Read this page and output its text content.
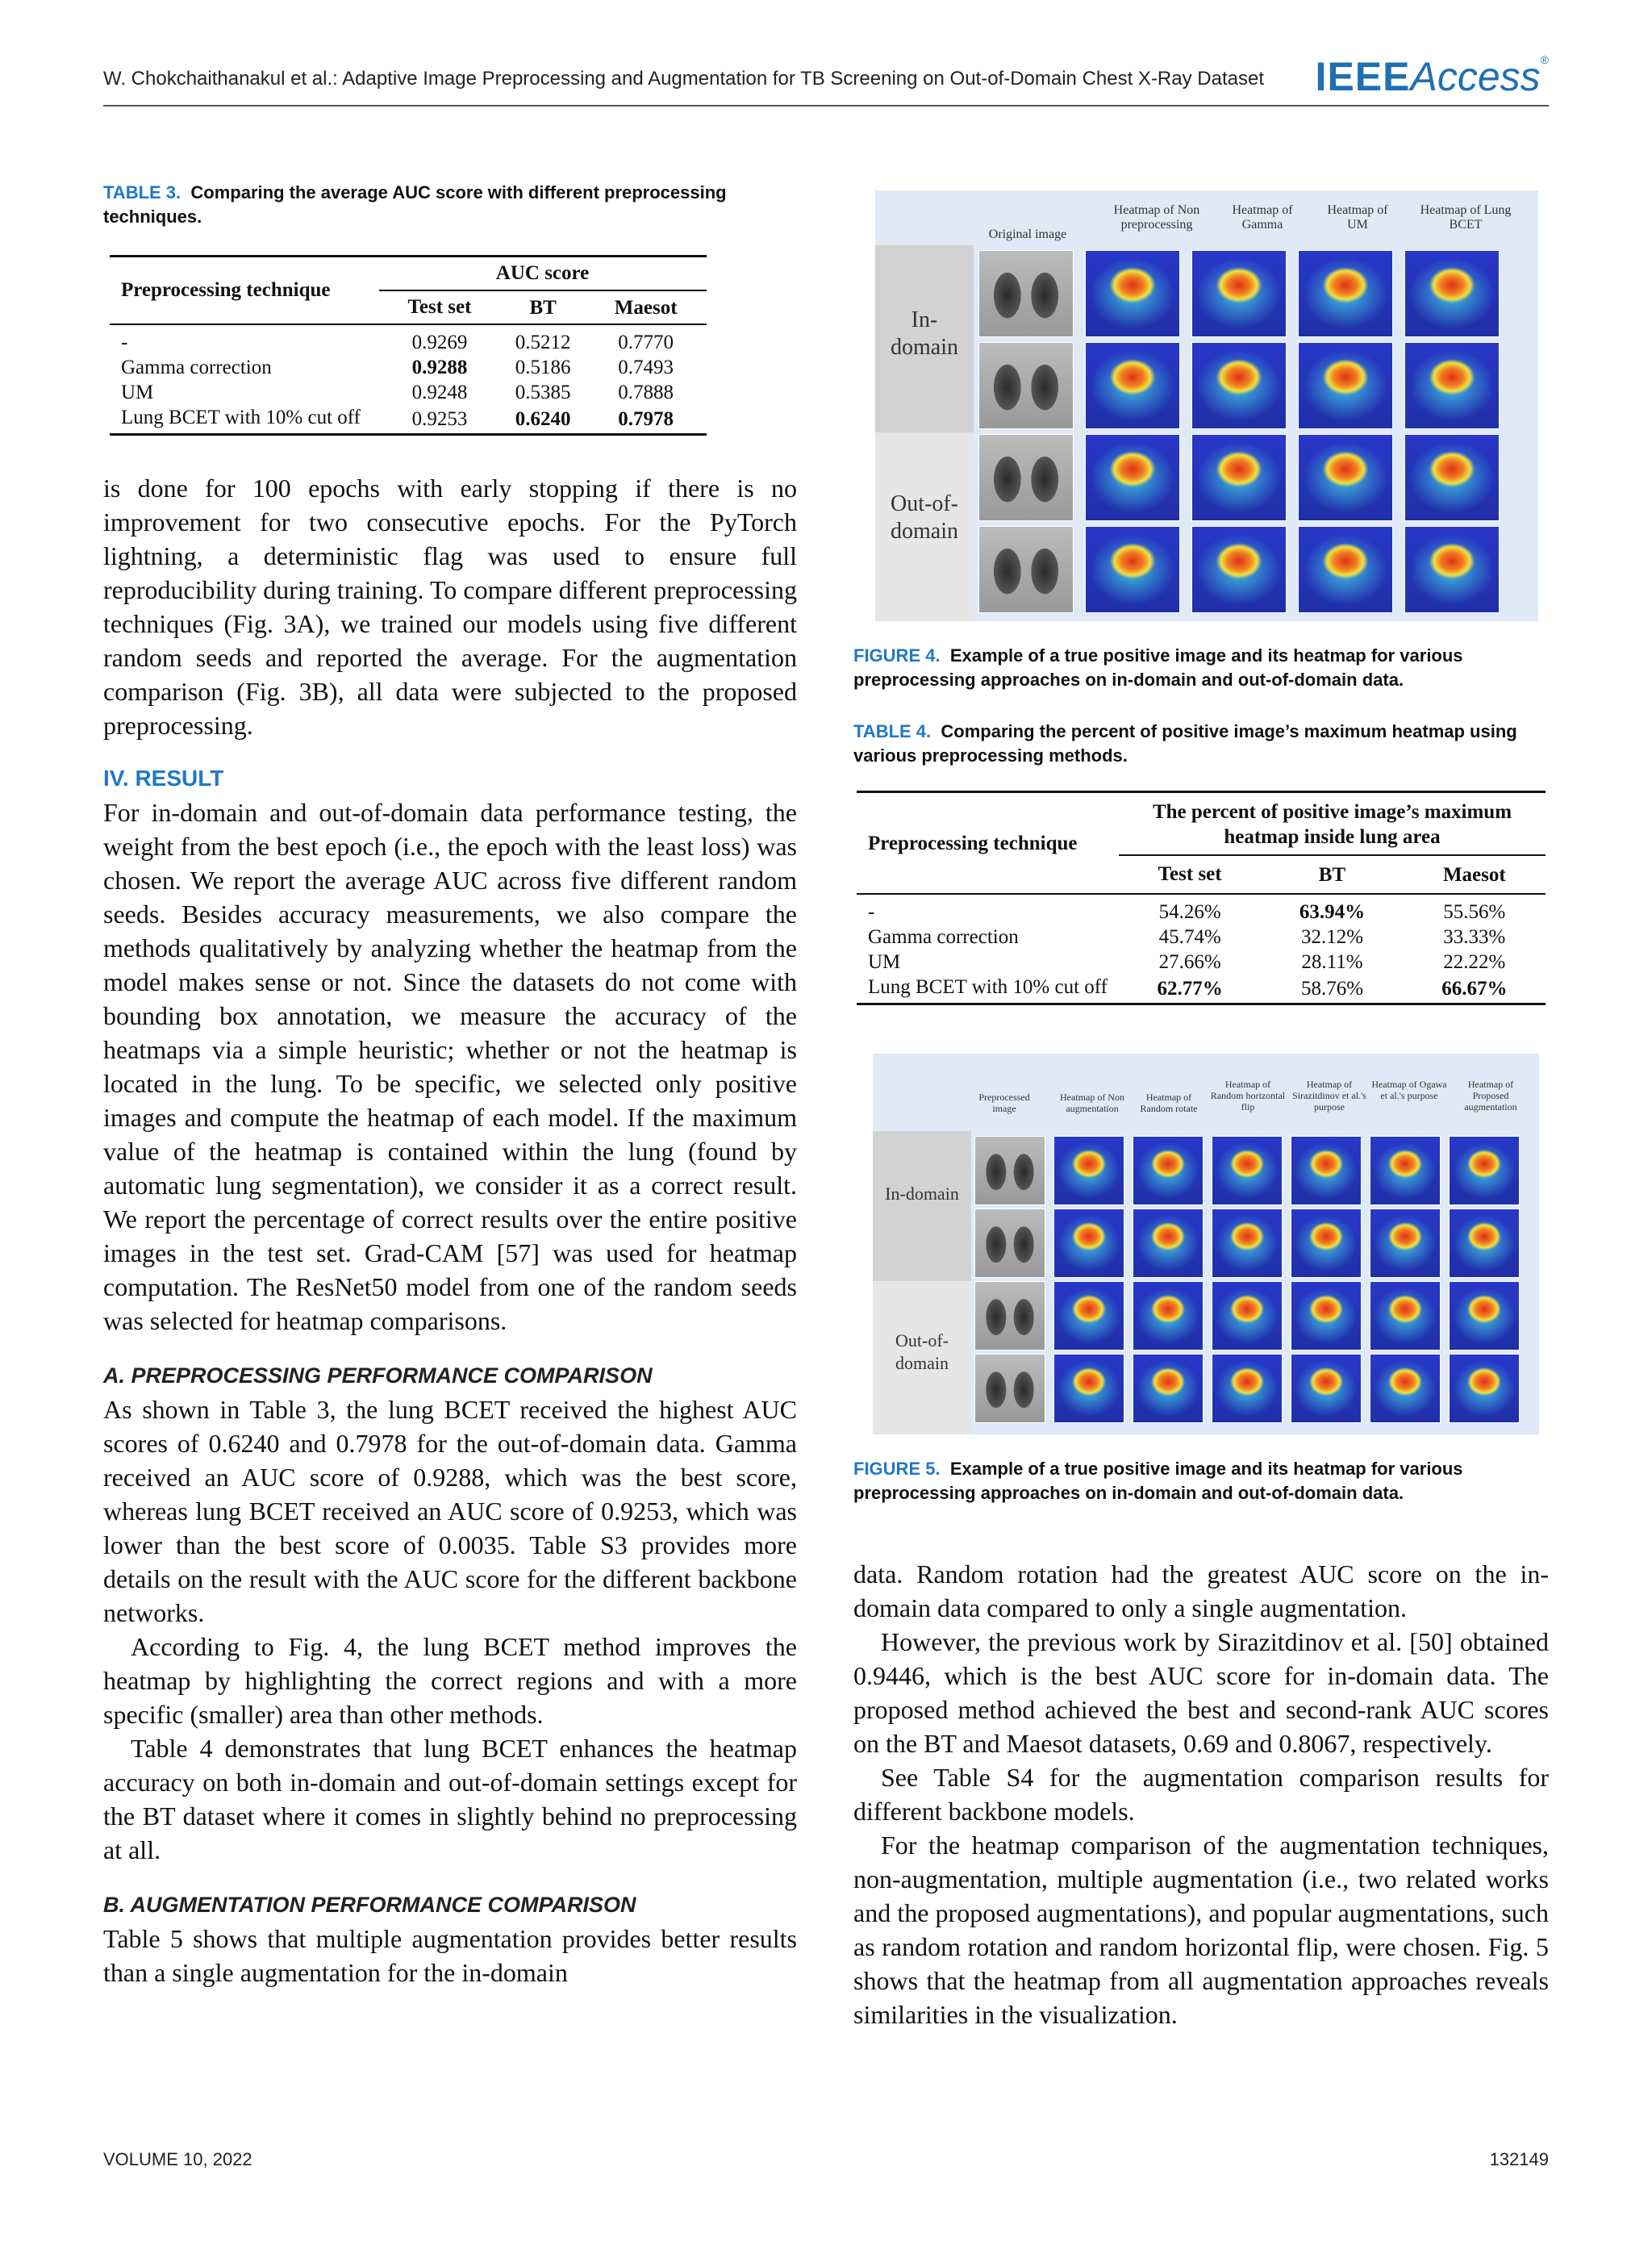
W. Chokchaithanakul et al.: Adaptive Image Preprocessing and Augmentation for TB Screening on Out-of-Domain Chest X-Ray Dataset IEEEAccess®
TABLE 3. Comparing the average AUC score with different preprocessing techniques.
Preprocessing technique	AUC score		
	Test set	BT	Maesot
-	0.9269	0.5212	0.7770
Gamma correction	0.9288	0.5186	0.7493
UM	0.9248	0.5385	0.7888
Lung BCET with 10% cut off	0.9253	0.6240	0.7978

is done for 100 epochs with early stopping if there is no improvement for two consecutive epochs. For the PyTorch lightning, a deterministic flag was used to ensure full reproducibility during training. To compare different preprocessing techniques (Fig. 3A), we trained our models using five different random seeds and reported the average. For the augmentation comparison (Fig. 3B), all data were subjected to the proposed preprocessing.

IV. RESULT

For in-domain and out-of-domain data performance testing, the weight from the best epoch (i.e., the epoch with the least loss) was chosen. We report the average AUC across five different random seeds. Besides accuracy measurements, we also compare the methods qualitatively by analyzing whether the heatmap from the model makes sense or not. Since the datasets do not come with bounding box annotation, we measure the accuracy of the heatmaps via a simple heuristic; whether or not the heatmap is located in the lung. To be specific, we selected only positive images and compute the heatmap of each model. If the maximum value of the heatmap is contained within the lung (found by automatic lung segmentation), we consider it as a correct result. We report the percentage of correct results over the entire positive images in the test set. Grad-CAM [57] was used for heatmap computation. The ResNet50 model from one of the random seeds was selected for heatmap comparisons.

A. PREPROCESSING PERFORMANCE COMPARISON

As shown in Table 3, the lung BCET received the highest AUC scores of 0.6240 and 0.7978 for the out-of-domain data. Gamma received an AUC score of 0.9288, which was the best score, whereas lung BCET received an AUC score of 0.9253, which was lower than the best score of 0.0035. Table S3 provides more details on the result with the AUC score for the different backbone networks.

According to Fig. 4, the lung BCET method improves the heatmap by highlighting the correct regions and with a more specific (smaller) area than other methods.

Table 4 demonstrates that lung BCET enhances the heatmap accuracy on both in-domain and out-of-domain settings except for the BT dataset where it comes in slightly behind no preprocessing at all.

B. AUGMENTATION PERFORMANCE COMPARISON

Table 5 shows that multiple augmentation provides better results than a single augmentation for the in-domain

In-domain
Out-of-domain
Original image
Heatmap of Non preprocessing
Heatmap of Gamma
Heatmap of UM
Heatmap of Lung BCET
FIGURE 4. Example of a true positive image and its heatmap for various preprocessing approaches on in-domain and out-of-domain data.
TABLE 4. Comparing the percent of positive image’s maximum heatmap using various preprocessing methods.
Preprocessing technique	The percent of positive image’s maximum heatmap inside lung area		
	Test set	BT	Maesot
-	54.26%	63.94%	55.56%
Gamma correction	45.74%	32.12%	33.33%
UM	27.66%	28.11%	22.22%
Lung BCET with 10% cut off	62.77%	58.76%	66.67%
In-domain
Out-of-domain
Preprocessed image
Heatmap of Non augmentation
Heatmap of Random rotate
Heatmap of Random horizontal flip
Heatmap of Sirazitdinov et al.'s purpose
Heatmap of Ogawa et al.'s purpose
Heatmap of Proposed augmentation
FIGURE 5. Example of a true positive image and its heatmap for various preprocessing approaches on in-domain and out-of-domain data.

data. Random rotation had the greatest AUC score on the in-domain data compared to only a single augmentation.

However, the previous work by Sirazitdinov et al. [50] obtained 0.9446, which is the best AUC score for in-domain data. The proposed method achieved the best and second-rank AUC scores on the BT and Maesot datasets, 0.69 and 0.8067, respectively.

See Table S4 for the augmentation comparison results for different backbone models.

For the heatmap comparison of the augmentation techniques, non-augmentation, multiple augmentation (i.e., two related works and the proposed augmentations), and popular augmentations, such as random rotation and random horizontal flip, were chosen. Fig. 5 shows that the heatmap from all augmentation approaches reveals similarities in the visualization.

VOLUME 10, 2022	132149
